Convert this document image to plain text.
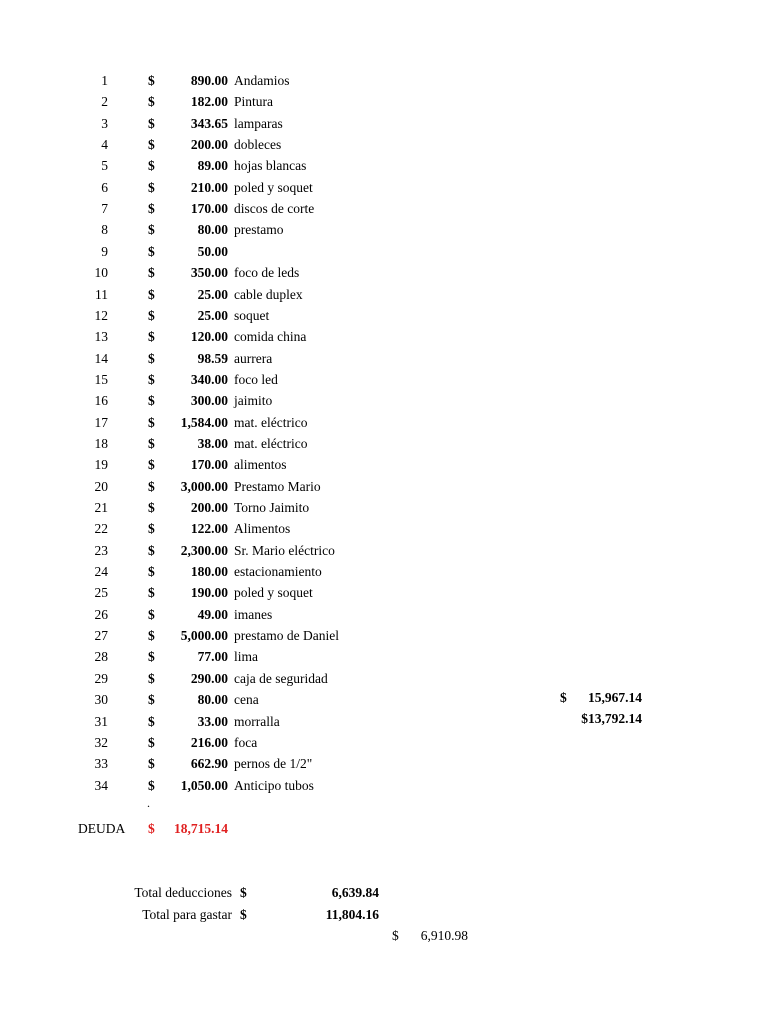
1	$	890.00 Andamios
2	$	182.00 Pintura
3	$	343.65 lamparas
4	$	200.00 dobleces
5	$	89.00 hojas blancas
6	$	210.00 poled y soquet
7	$	170.00 discos de corte
8	$	80.00 prestamo
9	$	50.00
10	$	350.00 foco de leds
11	$	25.00 cable duplex
12	$	25.00 soquet
13	$	120.00 comida china
14	$	98.59 aurrera
15	$	340.00 foco led
16	$	300.00 jaimito
17	$	1,584.00 mat. eléctrico
18	$	38.00 mat. eléctrico
19	$	170.00 alimentos
20	$	3,000.00 Prestamo Mario
21	$	200.00 Torno Jaimito
22	$	122.00 Alimentos
23	$	2,300.00 Sr. Mario eléctrico
24	$	180.00 estacionamiento
25	$	190.00 poled y soquet
26	$	49.00 imanes
27	$	5,000.00 prestamo de Daniel
28	$	77.00 lima
29	$	290.00 caja de seguridad
30	$	80.00 cena
31	$	33.00 morralla
32	$	216.00 foca
33	$	662.90 pernos de 1/2"
34	$	1,050.00 Anticipo tubos
$	15,967.14
$13,792.14
.
DEUDA $	18,715.14
Total deducciones $	6,639.84
Total para gastar $	11,804.16
$	6,910.98
